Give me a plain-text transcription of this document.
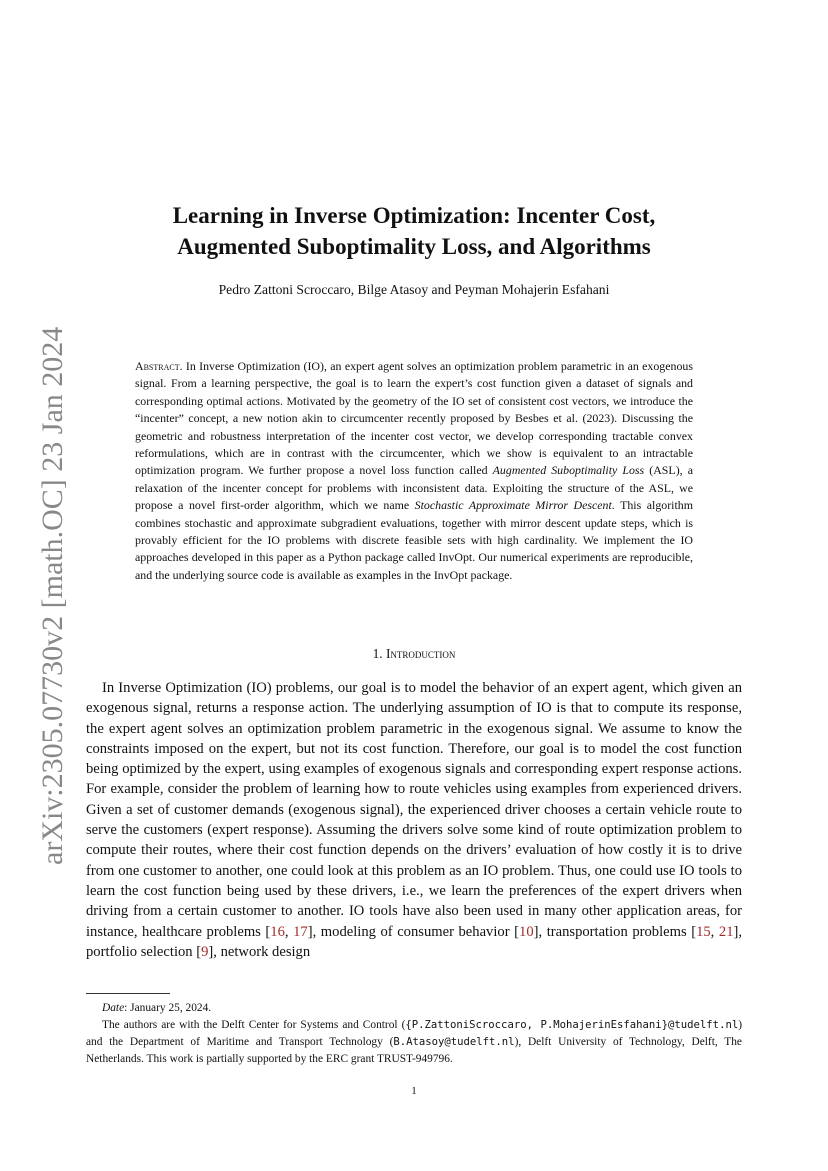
arXiv:2305.07730v2 [math.OC] 23 Jan 2024
Learning in Inverse Optimization: Incenter Cost,
Augmented Suboptimality Loss, and Algorithms
Pedro Zattoni Scroccaro, Bilge Atasoy and Peyman Mohajerin Esfahani
Abstract. In Inverse Optimization (IO), an expert agent solves an optimization problem parametric in an exogenous signal. From a learning perspective, the goal is to learn the expert’s cost function given a dataset of signals and corresponding optimal actions. Motivated by the geometry of the IO set of consistent cost vectors, we introduce the “incenter” concept, a new notion akin to circumcenter recently proposed by Besbes et al. (2023). Discussing the geometric and robustness interpretation of the incenter cost vector, we develop corresponding tractable convex reformulations, which are in contrast with the circumcenter, which we show is equivalent to an intractable optimization program. We further propose a novel loss function called Augmented Suboptimality Loss (ASL), a relaxation of the incenter concept for problems with inconsistent data. Exploiting the structure of the ASL, we propose a novel first-order algorithm, which we name Stochastic Approximate Mirror Descent. This algorithm combines stochastic and approximate subgradient evaluations, together with mirror descent update steps, which is provably efficient for the IO problems with discrete feasible sets with high cardinality. We implement the IO approaches developed in this paper as a Python package called InvOpt. Our numerical experiments are reproducible, and the underlying source code is available as examples in the InvOpt package.
1. Introduction
In Inverse Optimization (IO) problems, our goal is to model the behavior of an expert agent, which given an exogenous signal, returns a response action. The underlying assumption of IO is that to compute its response, the expert agent solves an optimization problem parametric in the exogenous signal. We assume to know the constraints imposed on the expert, but not its cost function. Therefore, our goal is to model the cost function being optimized by the expert, using examples of exogenous signals and corresponding expert response actions. For example, consider the problem of learning how to route vehicles using examples from experienced drivers. Given a set of customer demands (exogenous signal), the experienced driver chooses a certain vehicle route to serve the customers (expert response). Assuming the drivers solve some kind of route optimization problem to compute their routes, where their cost function depends on the drivers’ evaluation of how costly it is to drive from one customer to another, one could look at this problem as an IO problem. Thus, one could use IO tools to learn the cost function being used by these drivers, i.e., we learn the preferences of the expert drivers when driving from a certain customer to another. IO tools have also been used in many other application areas, for instance, healthcare problems [16, 17], modeling of consumer behavior [10], transportation problems [15, 21], portfolio selection [9], network design

Date: January 25, 2024.

The authors are with the Delft Center for Systems and Control ({P.ZattoniScroccaro, P.MohajerinEsfahani}@tudelft.nl) and the Department of Maritime and Transport Technology (B.Atasoy@tudelft.nl), Delft University of Technology, Delft, The Netherlands. This work is partially supported by the ERC grant TRUST-949796.

1
